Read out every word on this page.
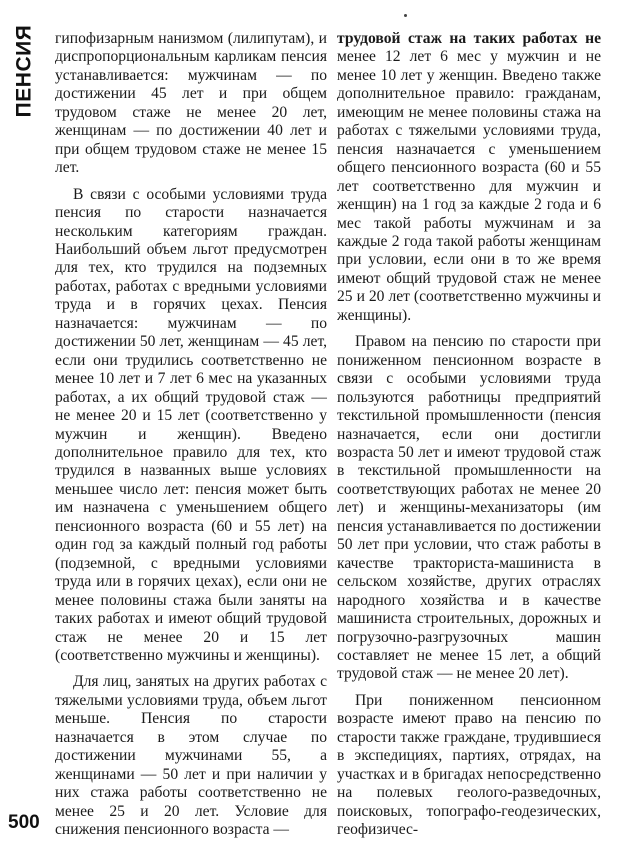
ПЕНСИЯ гипофизарным нанизмом (лилипутам), и диспропорциональным карликам пенсия устанавливается: мужчинам — по достижении 45 лет и при общем трудовом стаже не менее 20 лет, женщинам — по достижении 40 лет и при общем трудовом стаже не менее 15 лет.

В связи с особыми условиями труда пенсия по старости назначается нескольким категориям граждан. Наибольший объем льгот предусмотрен для тех, кто трудился на подземных работах, работах с вредными условиями труда и в горячих цехах. Пенсия назначается: мужчинам — по достижении 50 лет, женщинам — 45 лет, если они трудились соответственно не менее 10 лет и 7 лет 6 мес на указанных работах, а их общий трудовой стаж — не менее 20 и 15 лет (соответственно у мужчин и женщин). Введено дополнительное правило для тех, кто трудился в названных выше условиях меньшее число лет: пенсия может быть им назначена с уменьшением общего пенсионного возраста (60 и 55 лет) на один год за каждый полный год работы (подземной, с вредными условиями труда или в горячих цехах), если они не менее половины стажа были заняты на таких работах и имеют общий трудовой стаж не менее 20 и 15 лет (соответственно мужчины и женщины).

Для лиц, занятых на других работах с тяжелыми условиями труда, объем льгот меньше. Пенсия по старости назначается в этом случае по достижении мужчинами 55, а женщинами — 50 лет и при наличии у них стажа работы соответственно не менее 25 и 20 лет. Условие для снижения пенсионного возраста —

трудовой стаж на таких работах не менее 12 лет 6 мес у мужчин и не менее 10 лет у женщин. Введено также дополнительное правило: гражданам, имеющим не менее половины стажа на работах с тяжелыми условиями труда, пенсия назначается с уменьшением общего пенсионного возраста (60 и 55 лет соответственно для мужчин и женщин) на 1 год за каждые 2 года и 6 мес такой работы мужчинам и за каждые 2 года такой работы женщинам при условии, если они в то же время имеют общий трудовой стаж не менее 25 и 20 лет (соответственно мужчины и женщины).

Правом на пенсию по старости при пониженном пенсионном возрасте в связи с особыми условиями труда пользуются работницы предприятий текстильной промышленности (пенсия назначается, если они достигли возраста 50 лет и имеют трудовой стаж в текстильной промышленности на соответствующих работах не менее 20 лет) и женщины-механизаторы (им пенсия устанавливается по достижении 50 лет при условии, что стаж работы в качестве тракториста-машиниста в сельском хозяйстве, других отраслях народного хозяйства и в качестве машиниста строительных, дорожных и погрузочно-разгрузочных машин составляет не менее 15 лет, а общий трудовой стаж — не менее 20 лет).

При пониженном пенсионном возрасте имеют право на пенсию по старости также граждане, трудившиеся в экспедициях, партиях, отрядах, на участках и в бригадах непосредственно на полевых геолого-разведочных, поисковых, топографо-геодезических, геофизичес-

500
